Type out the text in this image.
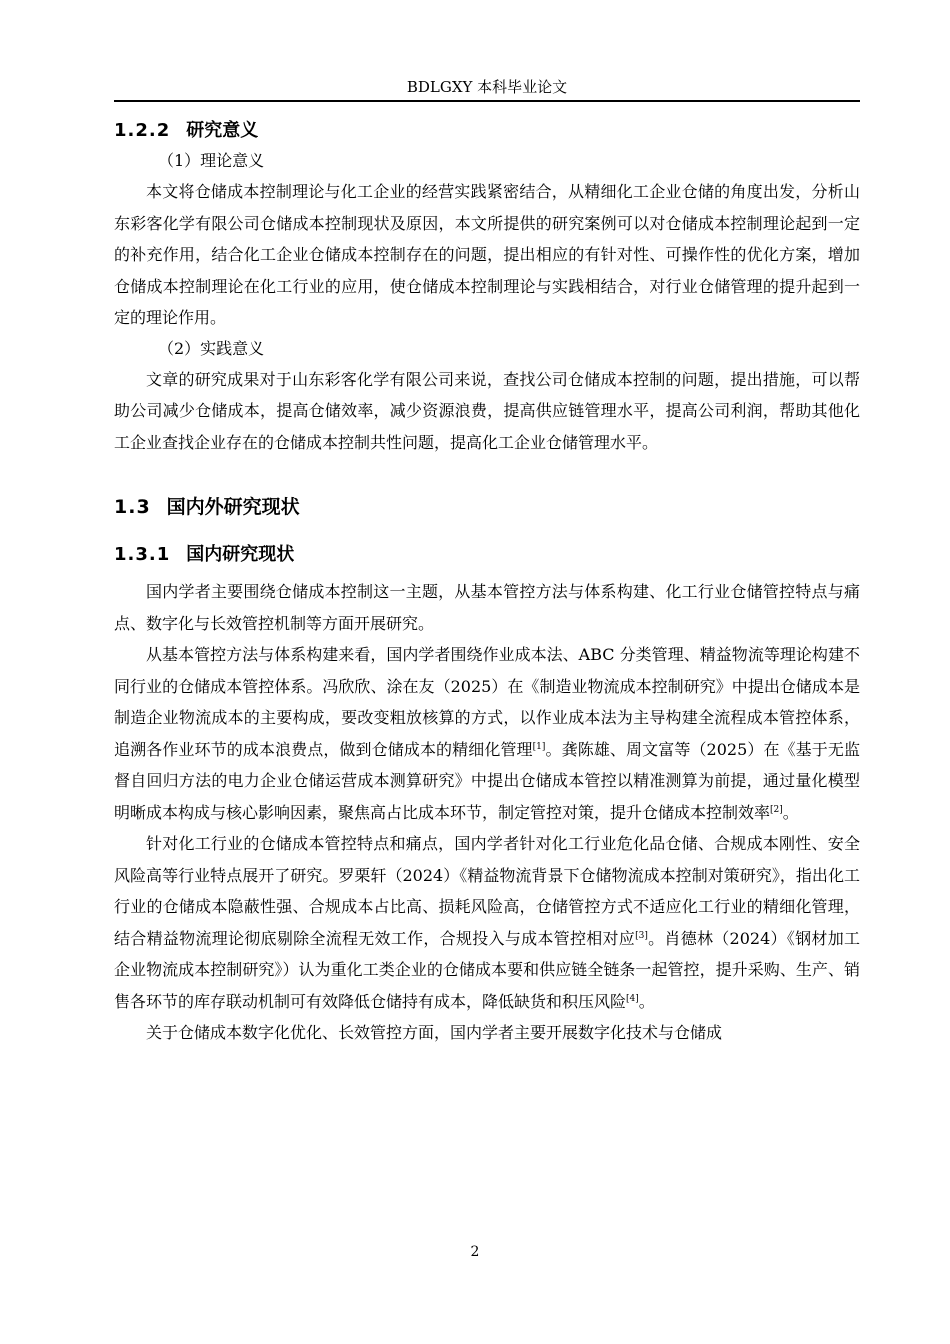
BDLGXY 本科毕业论文
1.2.2 研究意义
（1）理论意义

本文将仓储成本控制理论与化工企业的经营实践紧密结合，从精细化工企业仓储的角度出发，分析山东彩客化学有限公司仓储成本控制现状及原因，本文所提供的研究案例可以对仓储成本控制理论起到一定的补充作用，结合化工企业仓储成本控制存在的问题，提出相应的有针对性、可操作性的优化方案，增加仓储成本控制理论在化工行业的应用，使仓储成本控制理论与实践相结合，对行业仓储管理的提升起到一定的理论作用。

（2）实践意义

文章的研究成果对于山东彩客化学有限公司来说，查找公司仓储成本控制的问题，提出措施，可以帮助公司减少仓储成本，提高仓储效率，减少资源浪费，提高供应链管理水平，提高公司利润，帮助其他化工企业查找企业存在的仓储成本控制共性问题，提高化工企业仓储管理水平。

1.3 国内外研究现状
1.3.1 国内研究现状

国内学者主要围绕仓储成本控制这一主题，从基本管控方法与体系构建、化工行业仓储管控特点与痛点、数字化与长效管控机制等方面开展研究。

从基本管控方法与体系构建来看，国内学者围绕作业成本法、ABC 分类管理、精益物流等理论构建不同行业的仓储成本管控体系。冯欣欣、涂在友（2025）在《制造业物流成本控制研究》中提出仓储成本是制造企业物流成本的主要构成，要改变粗放核算的方式，以作业成本法为主导构建全流程成本管控体系，追溯各作业环节的成本浪费点，做到仓储成本的精细化管理[1]。龚陈雄、周文富等（2025）在《基于无监督自回归方法的电力企业仓储运营成本测算研究》中提出仓储成本管控以精准测算为前提，通过量化模型明晰成本构成与核心影响因素，聚焦高占比成本环节，制定管控对策，提升仓储成本控制效率[2]。

针对化工行业的仓储成本管控特点和痛点，国内学者针对化工行业危化品仓储、合规成本刚性、安全风险高等行业特点展开了研究。罗栗轩（2024）《精益物流背景下仓储物流成本控制对策研究》，指出化工行业的仓储成本隐蔽性强、合规成本占比高、损耗风险高，仓储管控方式不适应化工行业的精细化管理，结合精益物流理论彻底剔除全流程无效工作，合规投入与成本管控相对应[3]。肖德林（2024）《钢材加工企业物流成本控制研究》）认为重化工类企业的仓储成本要和供应链全链条一起管控，提升采购、生产、销售各环节的库存联动机制可有效降低仓储持有成本，降低缺货和积压风险[4]。

关于仓储成本数字化优化、长效管控方面，国内学者主要开展数字化技术与仓储成

2
